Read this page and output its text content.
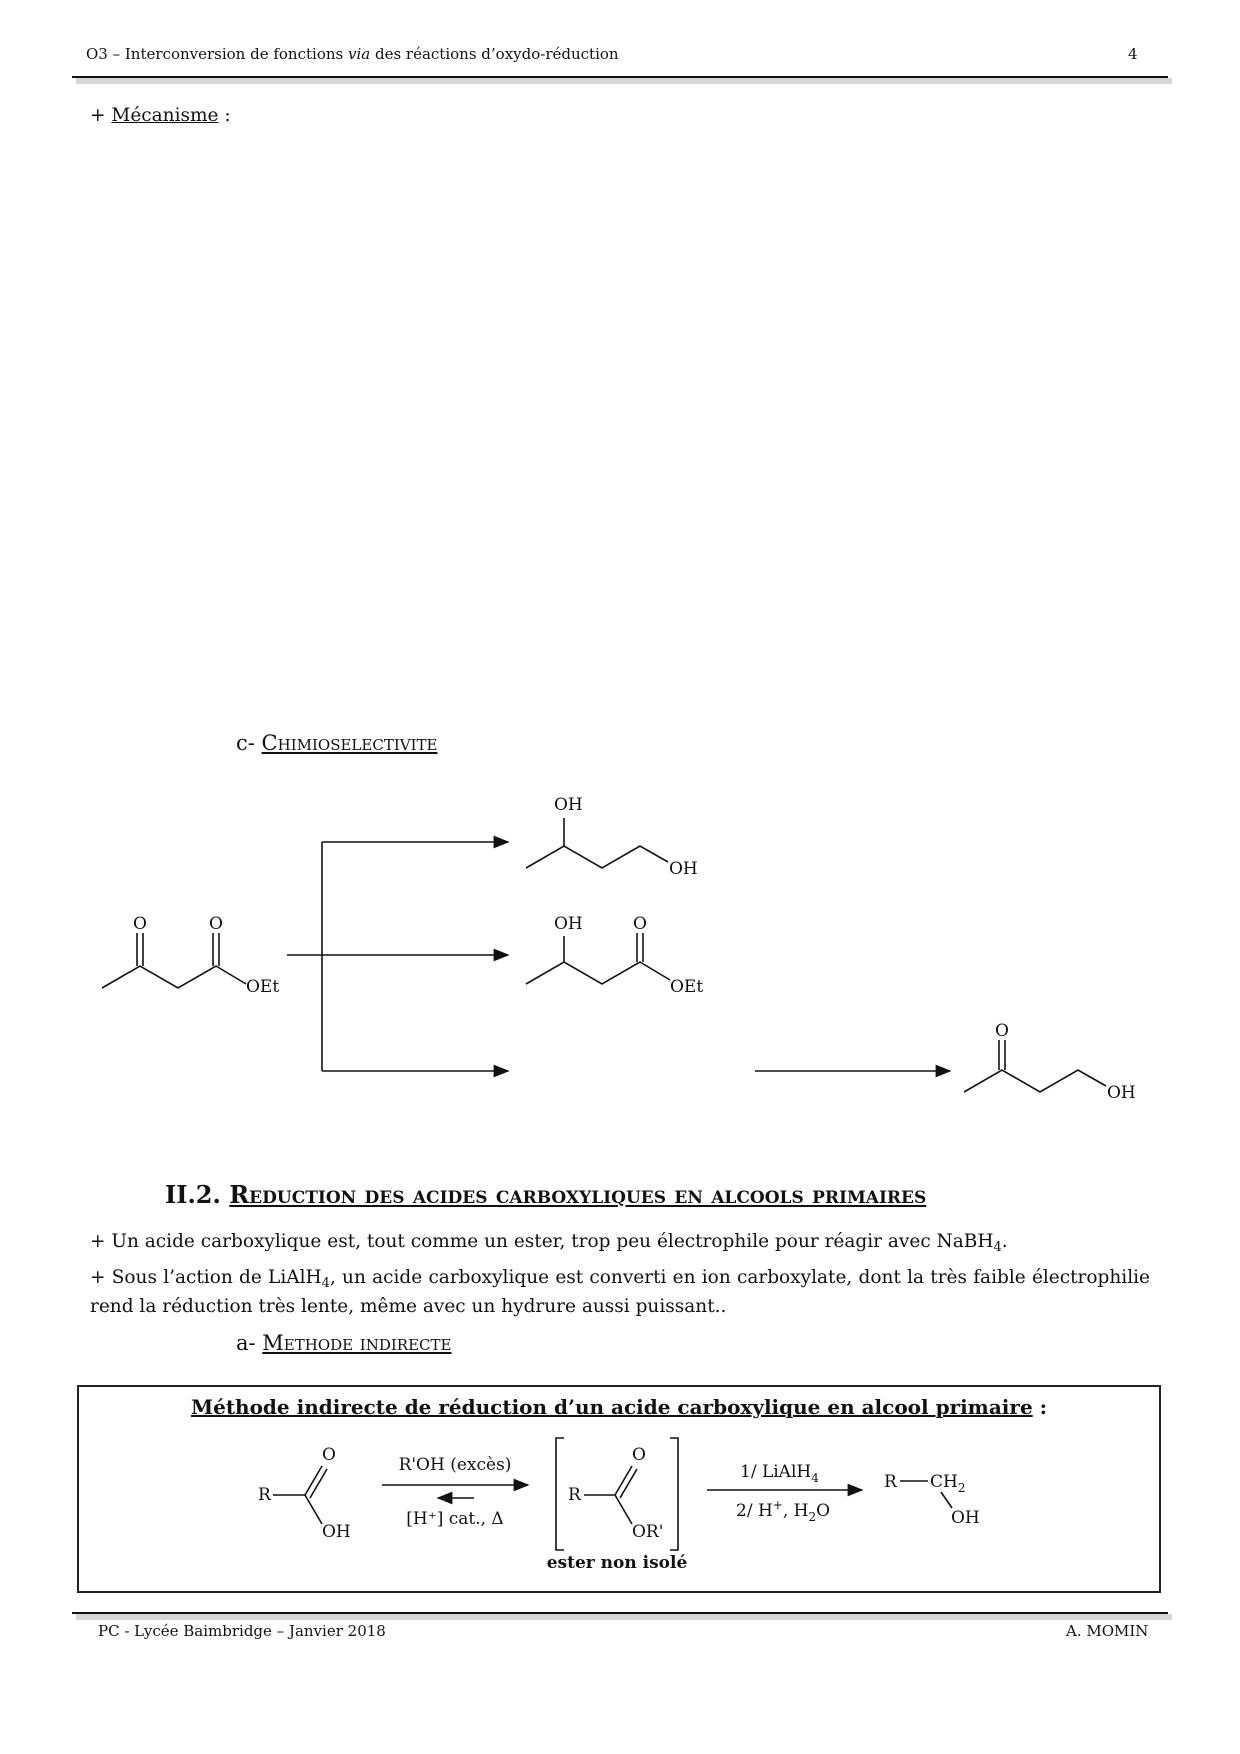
O3 – Interconversion de fonctions via des réactions d’oxydo-réduction	4
+ Mécanisme :
c- Chimioselectivite
O	O
OEt
OH
OH
OH	O
OEt
O
OH
II.2. Reduction des acides carboxyliques en alcools primaires
+ Un acide carboxylique est, tout comme un ester, trop peu électrophile pour réagir avec NaBH$_4$.
+ Sous l’action de LiAlH$_4$, un acide carboxylique est converti en ion carboxylate, dont la très faible électrophilie rend la réduction très lente, même avec un hydrure aussi puissant..
a- Methode indirecte
Méthode indirecte de réduction d’un acide carboxylique en alcool primaire :
R
O
OH
R'OH (excès)
[H⁺] cat., Δ
R
O
OR'
ester non isolé
1/ LiAlH$_4$
2/ H+, $H_2O$
R $CH_2$
OH
PC - Lycée Baimbridge – Janvier 2018	A. MOMIN
